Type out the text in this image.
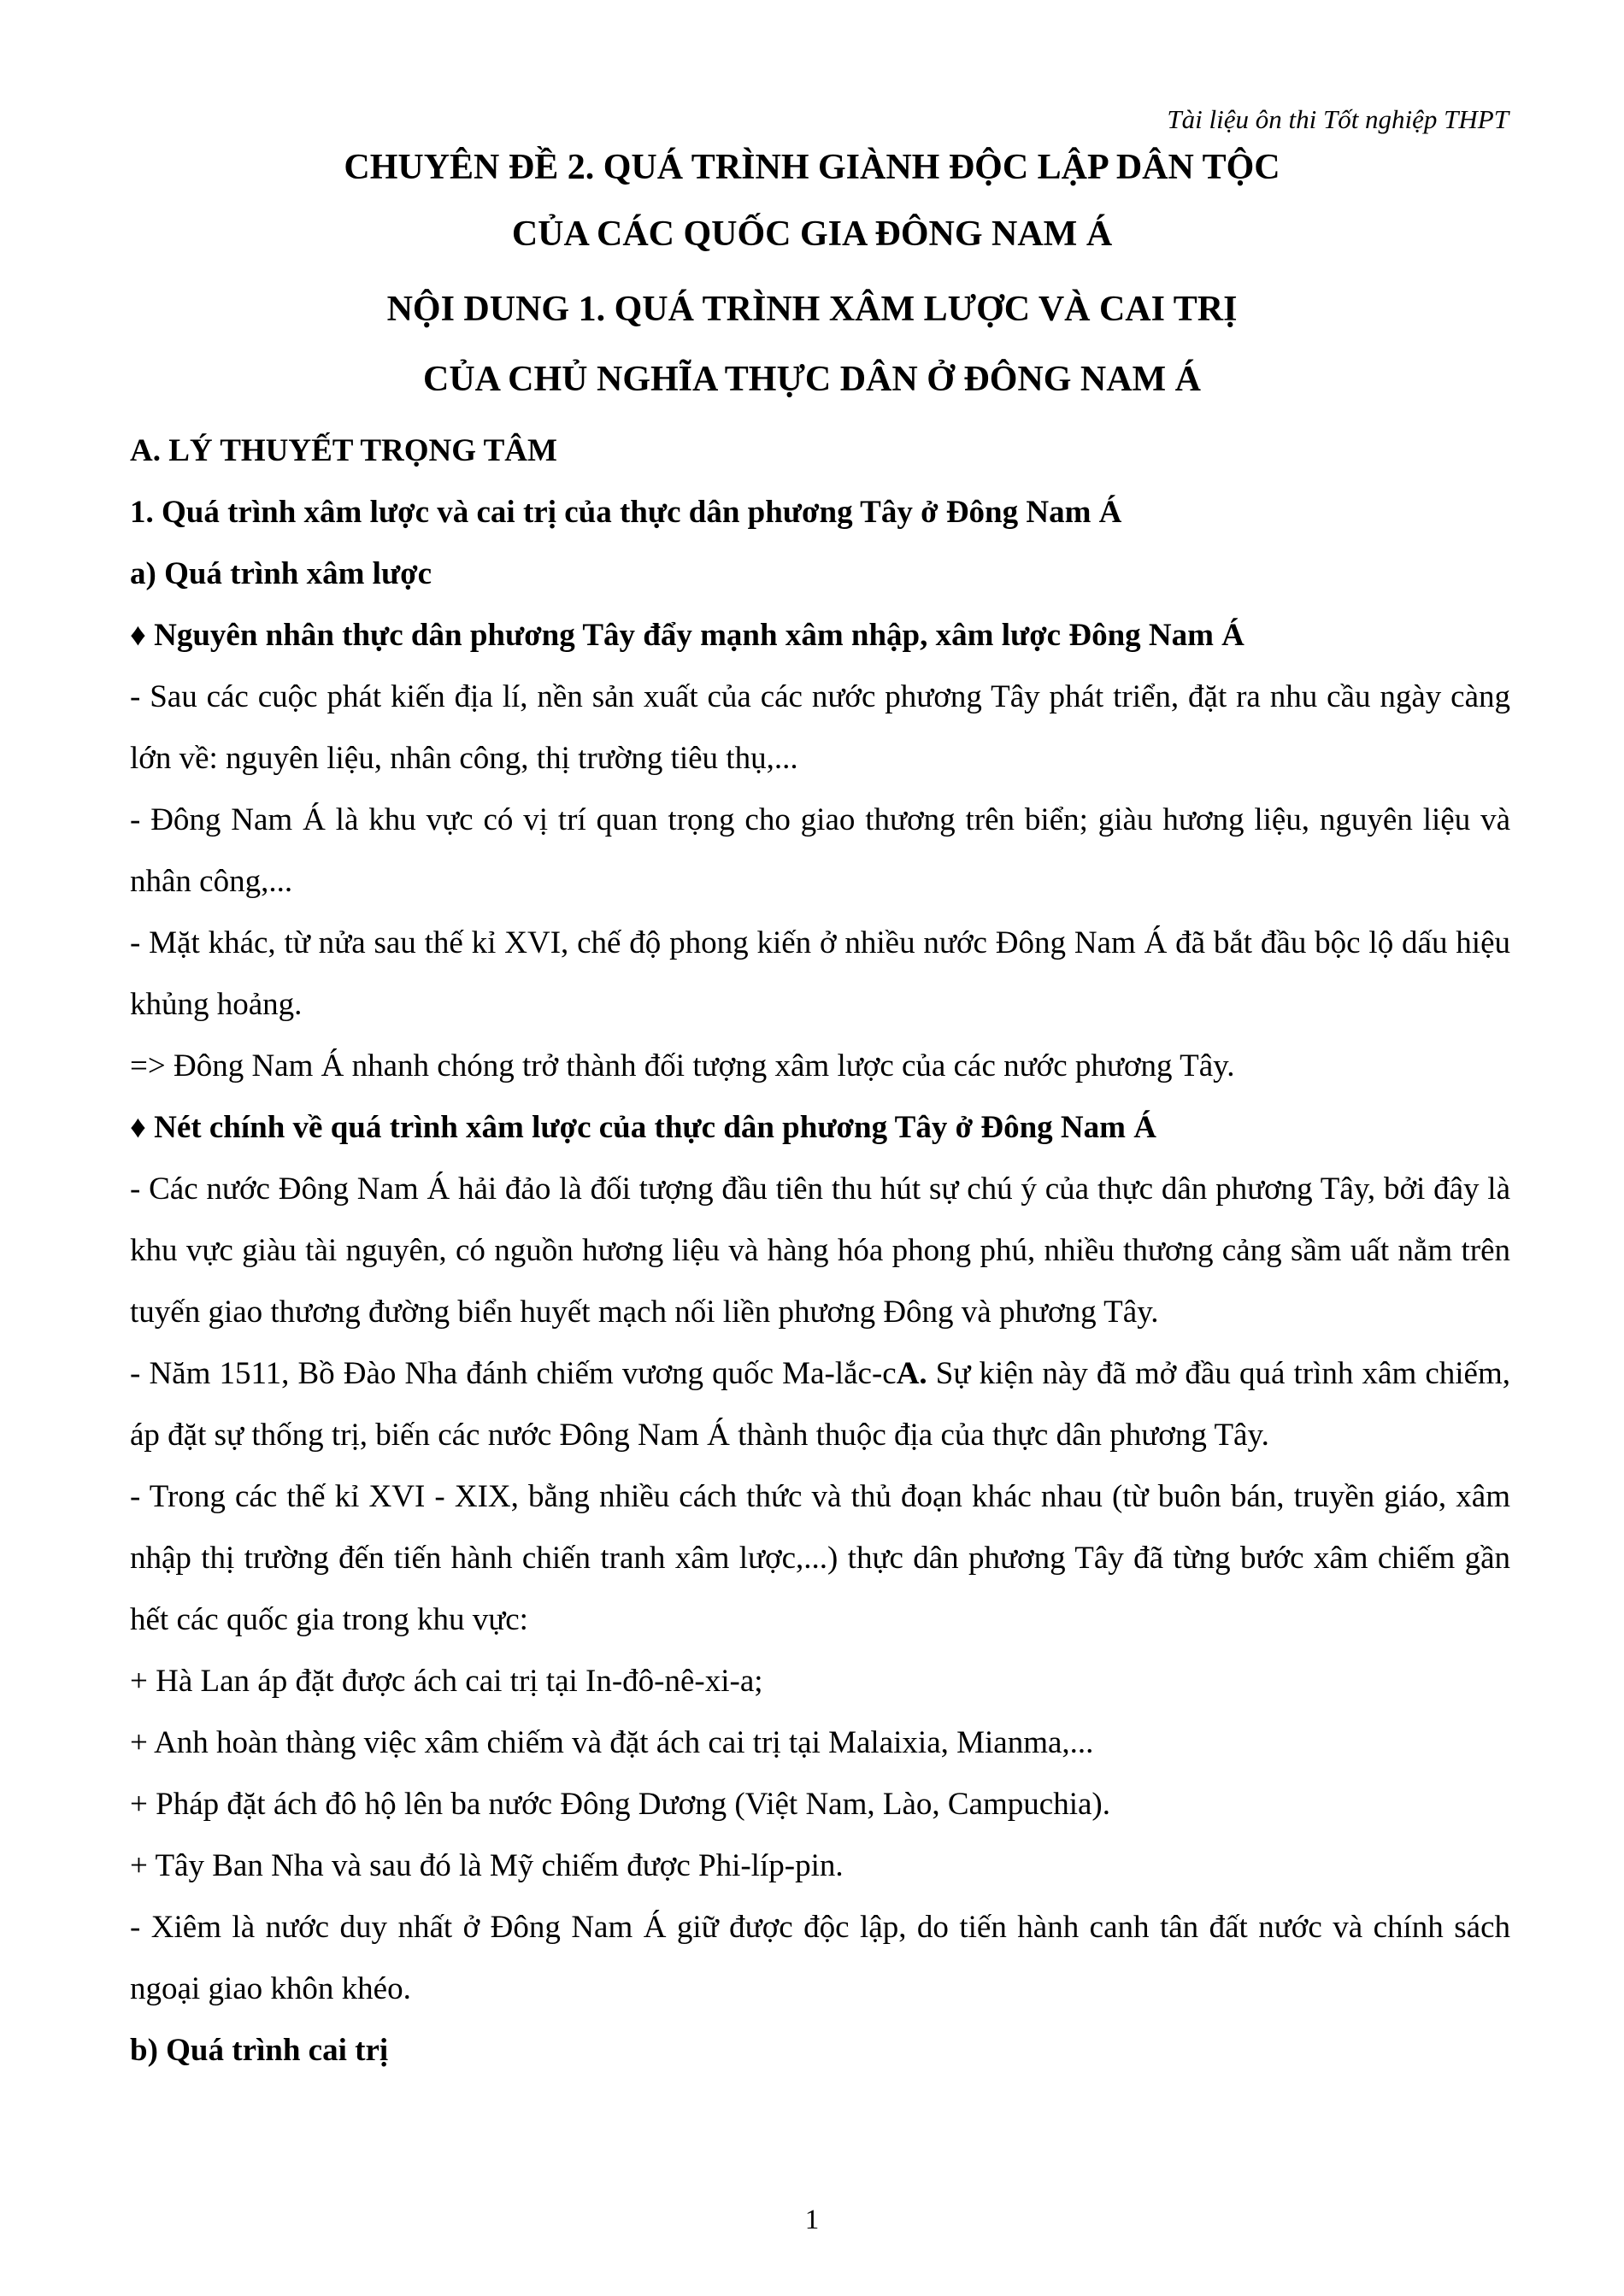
Tài liệu ôn thi Tốt nghiệp THPT
CHUYÊN ĐỀ 2. QUÁ TRÌNH GIÀNH ĐỘC LẬP DÂN TỘC
CỦA CÁC QUỐC GIA ĐÔNG NAM Á
NỘI DUNG 1. QUÁ TRÌNH XÂM LƯỢC VÀ CAI TRỊ
CỦA CHỦ NGHĨA THỰC DÂN Ở ĐÔNG NAM Á

A. LÝ THUYẾT TRỌNG TÂM

1. Quá trình xâm lược và cai trị của thực dân phương Tây ở Đông Nam Á

a) Quá trình xâm lược

♦ Nguyên nhân thực dân phương Tây đẩy mạnh xâm nhập, xâm lược Đông Nam Á

- Sau các cuộc phát kiến địa lí, nền sản xuất của các nước phương Tây phát triển, đặt ra nhu cầu ngày càng lớn về: nguyên liệu, nhân công, thị trường tiêu thụ,...

- Đông Nam Á là khu vực có vị trí quan trọng cho giao thương trên biển; giàu hương liệu, nguyên liệu và nhân công,...

- Mặt khác, từ nửa sau thế kỉ XVI, chế độ phong kiến ở nhiều nước Đông Nam Á đã bắt đầu bộc lộ dấu hiệu khủng hoảng.

=> Đông Nam Á nhanh chóng trở thành đối tượng xâm lược của các nước phương Tây.

♦ Nét chính về quá trình xâm lược của thực dân phương Tây ở Đông Nam Á

- Các nước Đông Nam Á hải đảo là đối tượng đầu tiên thu hút sự chú ý của thực dân phương Tây, bởi đây là khu vực giàu tài nguyên, có nguồn hương liệu và hàng hóa phong phú, nhiều thương cảng sầm uất nằm trên tuyến giao thương đường biển huyết mạch nối liền phương Đông và phương Tây.

- Năm 1511, Bồ Đào Nha đánh chiếm vương quốc Ma-lắc-cA. Sự kiện này đã mở đầu quá trình xâm chiếm, áp đặt sự thống trị, biến các nước Đông Nam Á thành thuộc địa của thực dân phương Tây.

- Trong các thế kỉ XVI - XIX, bằng nhiều cách thức và thủ đoạn khác nhau (từ buôn bán, truyền giáo, xâm nhập thị trường đến tiến hành chiến tranh xâm lược,...) thực dân phương Tây đã từng bước xâm chiếm gần hết các quốc gia trong khu vực:

+ Hà Lan áp đặt được ách cai trị tại In-đô-nê-xi-a;

+ Anh hoàn thàng việc xâm chiếm và đặt ách cai trị tại Malaixia, Mianma,...

+ Pháp đặt ách đô hộ lên ba nước Đông Dương (Việt Nam, Lào, Campuchia).

+ Tây Ban Nha và sau đó là Mỹ chiếm được Phi-líp-pin.

- Xiêm là nước duy nhất ở Đông Nam Á giữ được độc lập, do tiến hành canh tân đất nước và chính sách ngoại giao khôn khéo.

b) Quá trình cai trị

1
